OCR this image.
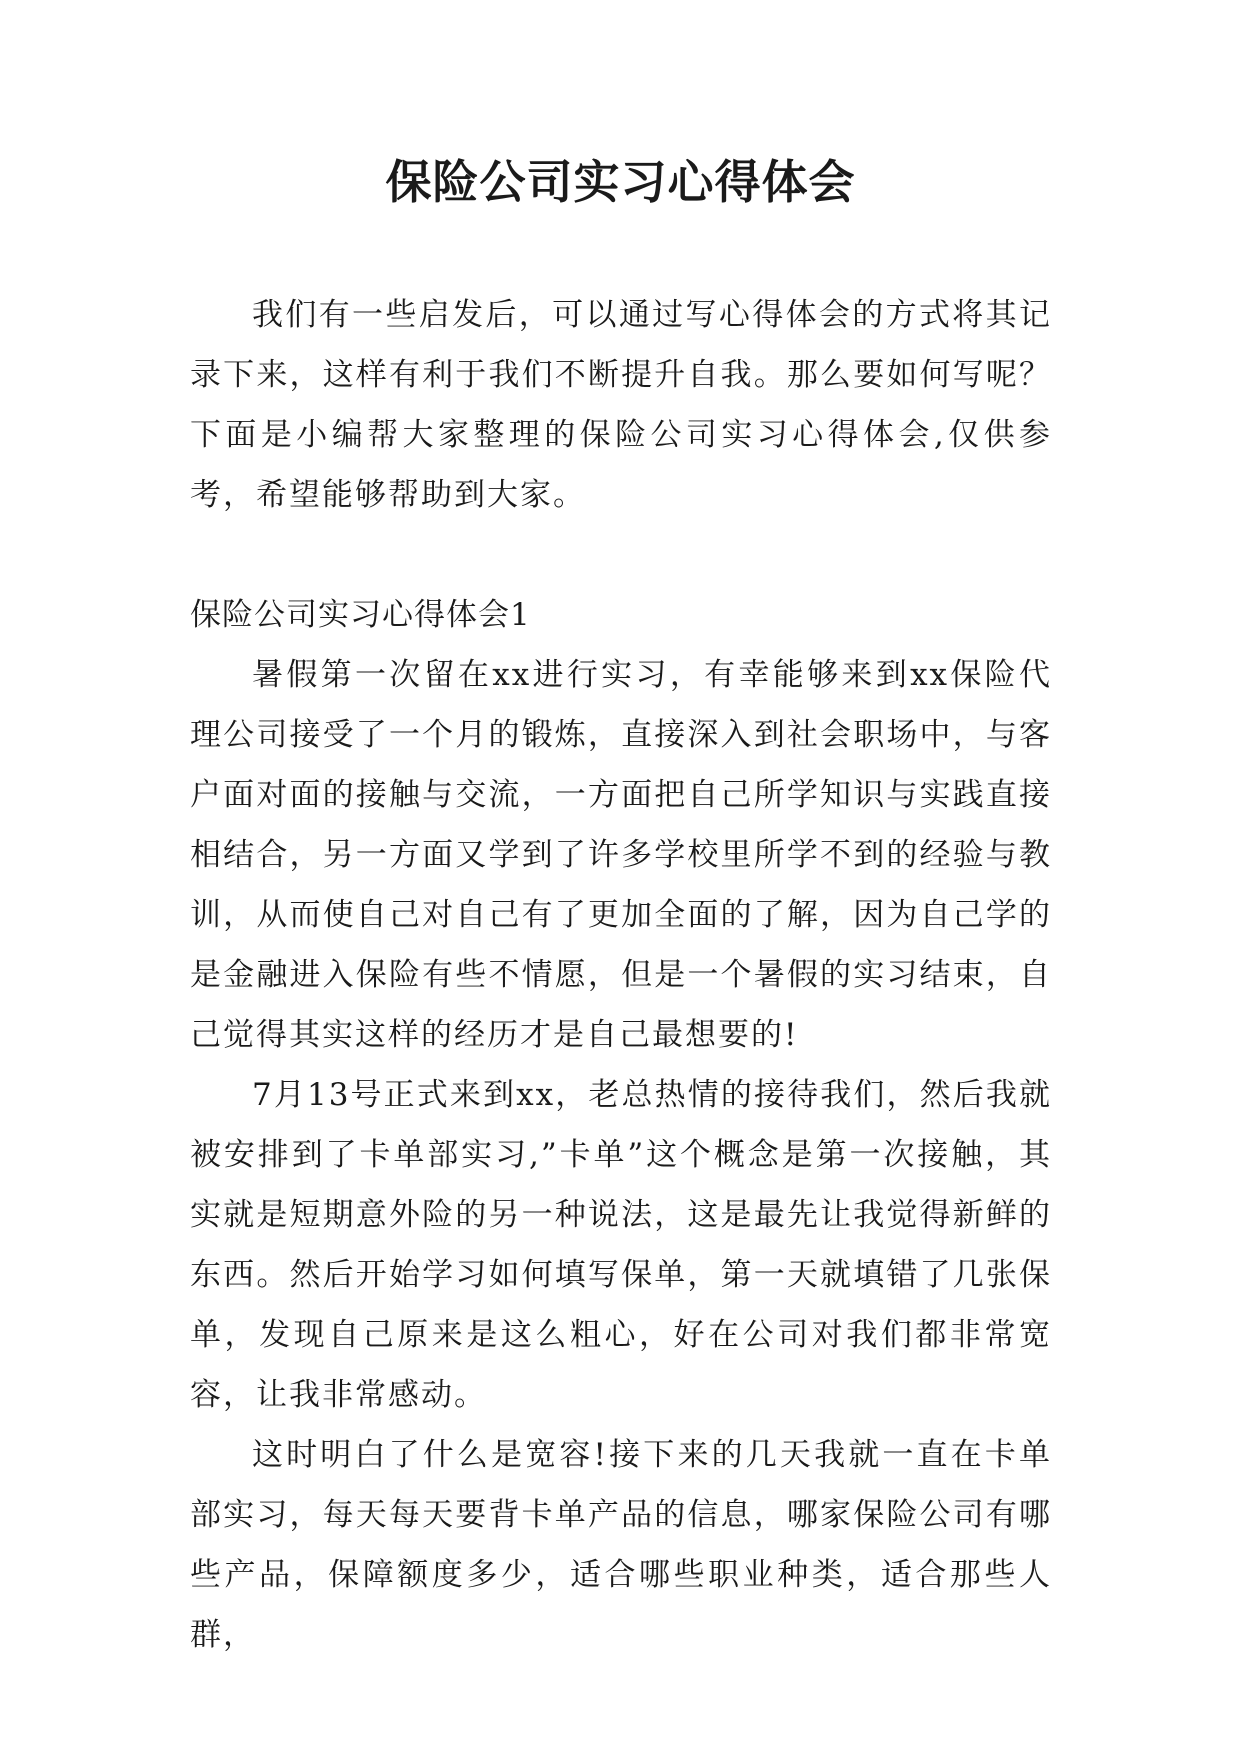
保险公司实习心得体会

我们有一些启发后，可以通过写心得体会的方式将其记录下来，这样有利于我们不断提升自我。那么要如何写呢？下面是小编帮大家整理的保险公司实习心得体会,仅供参考，希望能够帮助到大家。

保险公司实习心得体会1

暑假第一次留在xx进行实习，有幸能够来到xx保险代理公司接受了一个月的锻炼，直接深入到社会职场中，与客户面对面的接触与交流，一方面把自己所学知识与实践直接相结合，另一方面又学到了许多学校里所学不到的经验与教训，从而使自己对自己有了更加全面的了解，因为自己学的是金融进入保险有些不情愿，但是一个暑假的实习结束，自己觉得其实这样的经历才是自己最想要的!

7月13号正式来到xx，老总热情的接待我们，然后我就被安排到了卡单部实习,”卡单”这个概念是第一次接触，其实就是短期意外险的另一种说法，这是最先让我觉得新鲜的东西。然后开始学习如何填写保单，第一天就填错了几张保单，发现自己原来是这么粗心，好在公司对我们都非常宽容，让我非常感动。

这时明白了什么是宽容!接下来的几天我就一直在卡单部实习，每天每天要背卡单产品的信息，哪家保险公司有哪些产品，保障额度多少，适合哪些职业种类，适合那些人群，
